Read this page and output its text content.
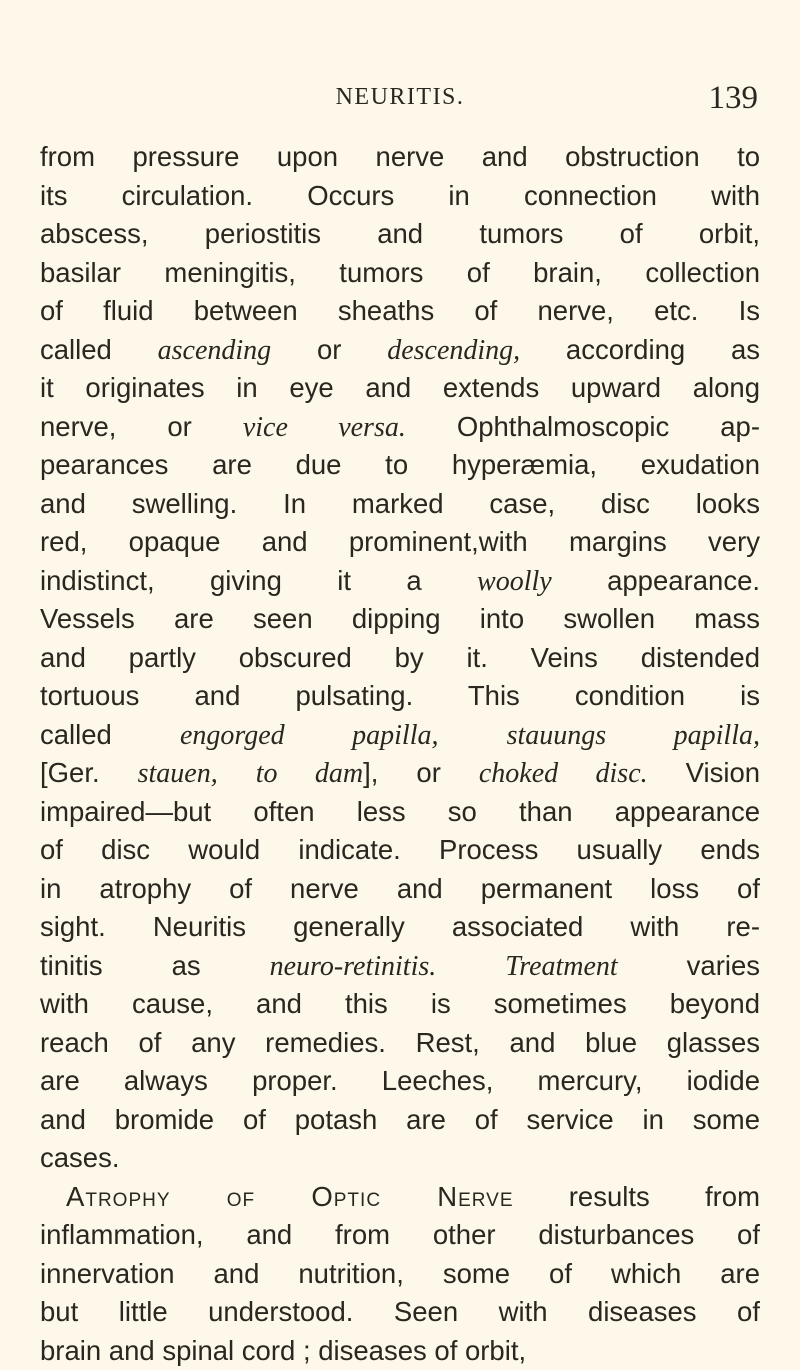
NEURITIS.	139
from pressure upon nerve and obstruction to
its circulation. Occurs in connection with
abscess, periostitis and tumors of orbit,
basilar meningitis, tumors of brain, collection
of fluid between sheaths of nerve, etc. Is
called ascending or descending, according as
it originates in eye and extends upward along
nerve, or vice versa. Ophthalmoscopic ap-
pearances are due to hyperæmia, exudation
and swelling. In marked case, disc looks
red, opaque and prominent,with margins very
indistinct, giving it a woolly appearance.
Vessels are seen dipping into swollen mass
and partly obscured by it. Veins distended
tortuous and pulsating. This condition is
called engorged papilla, stauungs papilla,
[Ger. stauen, to dam], or choked disc. Vision
impaired—but often less so than appearance
of disc would indicate. Process usually ends
in atrophy of nerve and permanent loss of
sight. Neuritis generally associated with re-
tinitis as neuro-retinitis. Treatment varies
with cause, and this is sometimes beyond
reach of any remedies. Rest, and blue glasses
are always proper. Leeches, mercury, iodide
and bromide of potash are of service in some
cases.
Atrophy of Optic Nerve results from
inflammation, and from other disturbances of
innervation and nutrition, some of which are
but little understood. Seen with diseases of
brain and spinal cord ; diseases of orbit,
